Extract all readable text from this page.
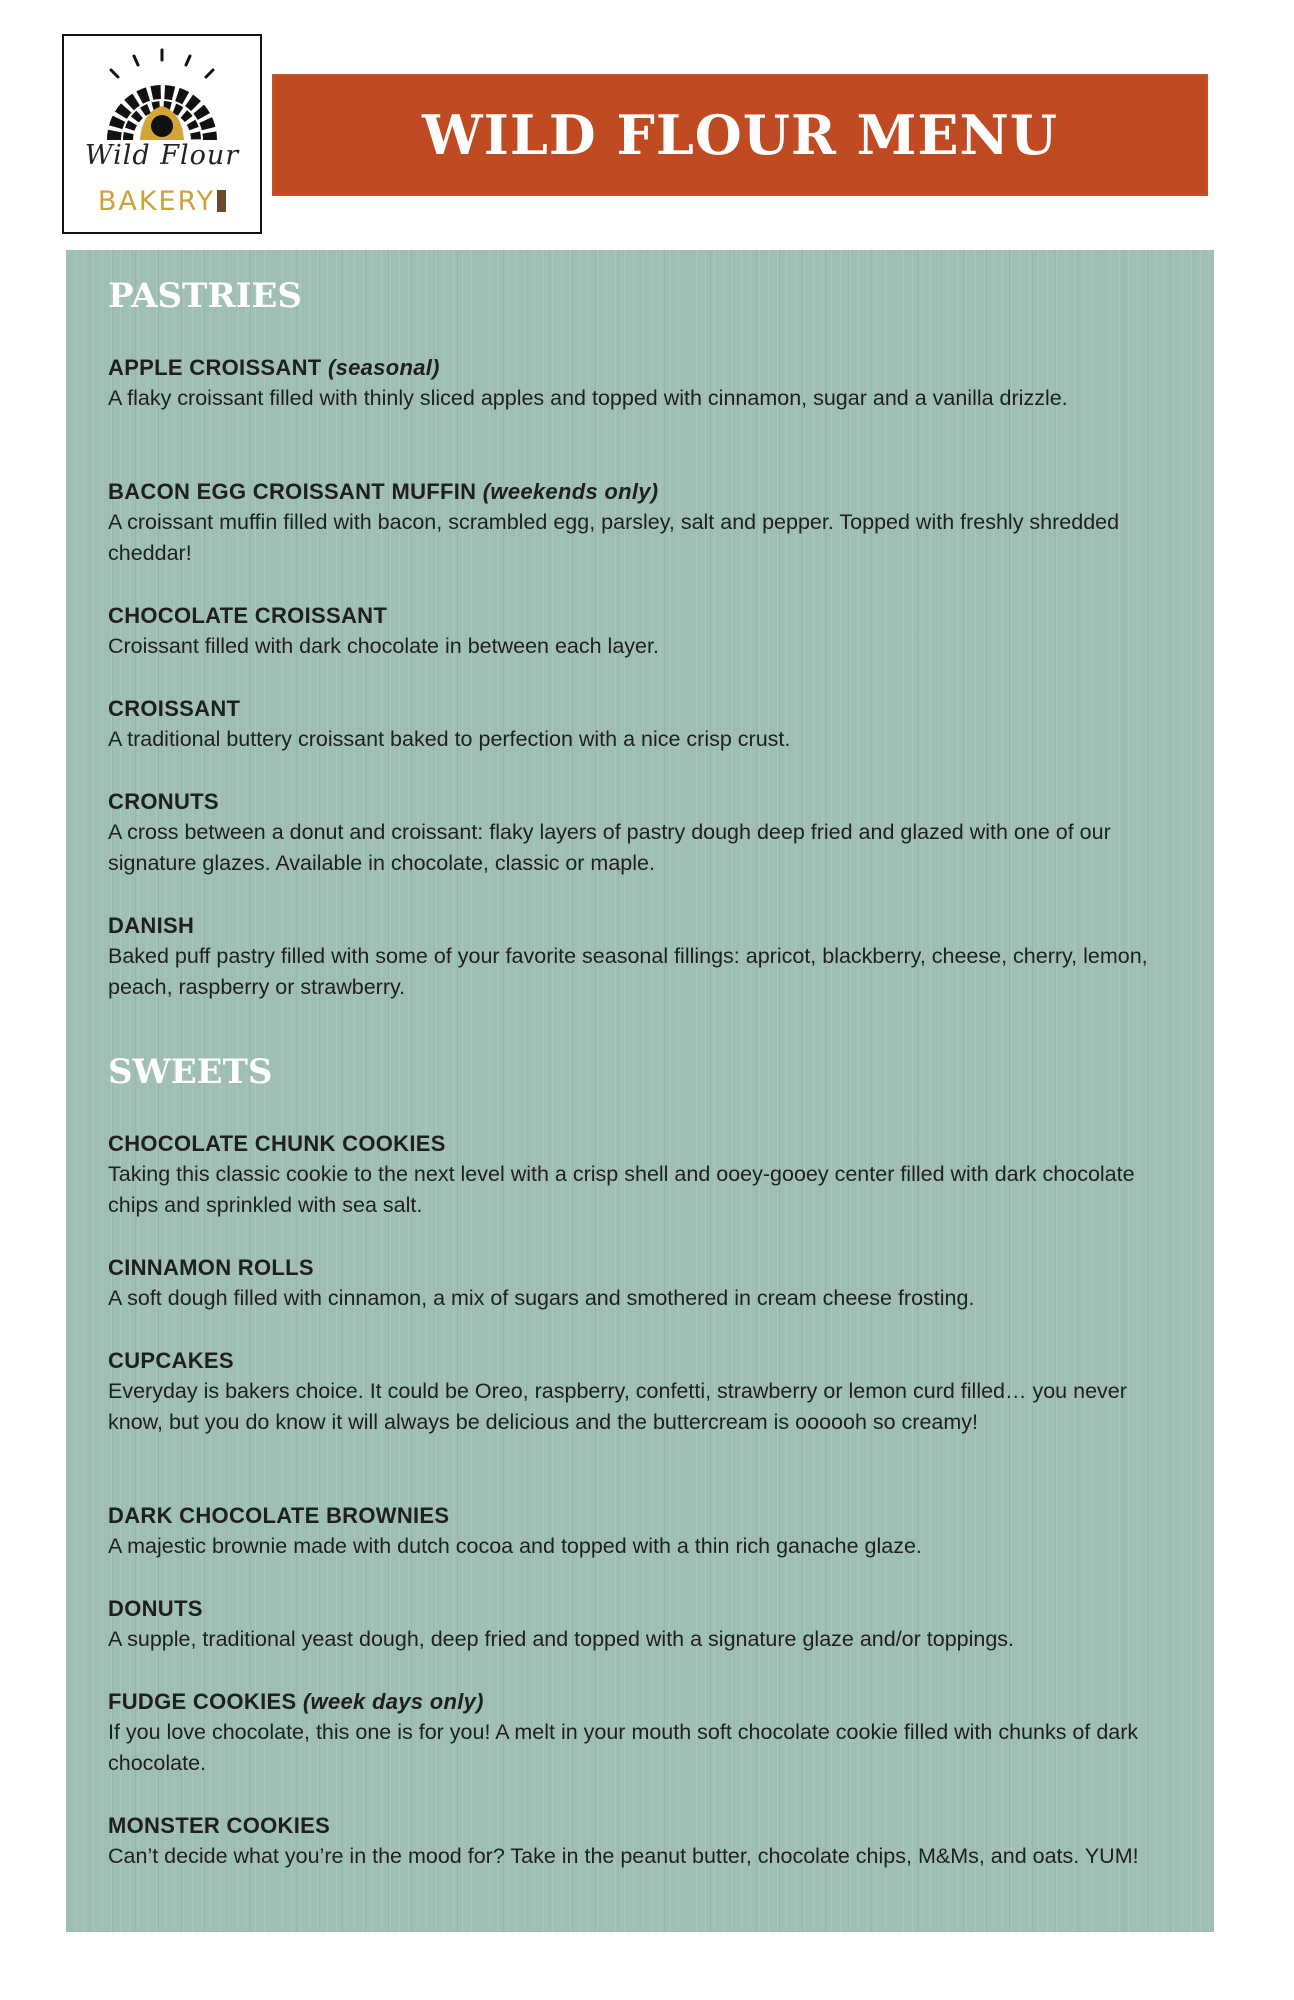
Wild Flour
BAKERY
WILD FLOUR MENU
PASTRIES
APPLE CROISSANT (seasonal)
A flaky croissant filled with thinly sliced apples and topped with cinnamon, sugar and a vanilla drizzle.
BACON EGG CROISSANT MUFFIN (weekends only)
A croissant muffin filled with bacon, scrambled egg, parsley, salt and pepper. Topped with freshly shredded cheddar!
CHOCOLATE CROISSANT
Croissant filled with dark chocolate in between each layer.
CROISSANT
A traditional buttery croissant baked to perfection with a nice crisp crust.
CRONUTS
A cross between a donut and croissant: flaky layers of pastry dough deep fried and glazed with one of our signature glazes. Available in chocolate, classic or maple.
DANISH
Baked puff pastry filled with some of your favorite seasonal fillings: apricot, blackberry, cheese, cherry, lemon, peach, raspberry or strawberry.
SWEETS
CHOCOLATE CHUNK COOKIES
Taking this classic cookie to the next level with a crisp shell and ooey-gooey center filled with dark chocolate chips and sprinkled with sea salt.
CINNAMON ROLLS
A soft dough filled with cinnamon, a mix of sugars and smothered in cream cheese frosting.
CUPCAKES
Everyday is bakers choice. It could be Oreo, raspberry, confetti, strawberry or lemon curd filled… you never know, but you do know it will always be delicious and the buttercream is oooooh so creamy!
DARK CHOCOLATE BROWNIES
A majestic brownie made with dutch cocoa and topped with a thin rich ganache glaze.
DONUTS
A supple, traditional yeast dough, deep fried and topped with a signature glaze and/or toppings.
FUDGE COOKIES (week days only)
If you love chocolate, this one is for you! A melt in your mouth soft chocolate cookie filled with chunks of dark chocolate.
MONSTER COOKIES
Can’t decide what you’re in the mood for? Take in the peanut butter, chocolate chips, M&Ms, and oats. YUM!
